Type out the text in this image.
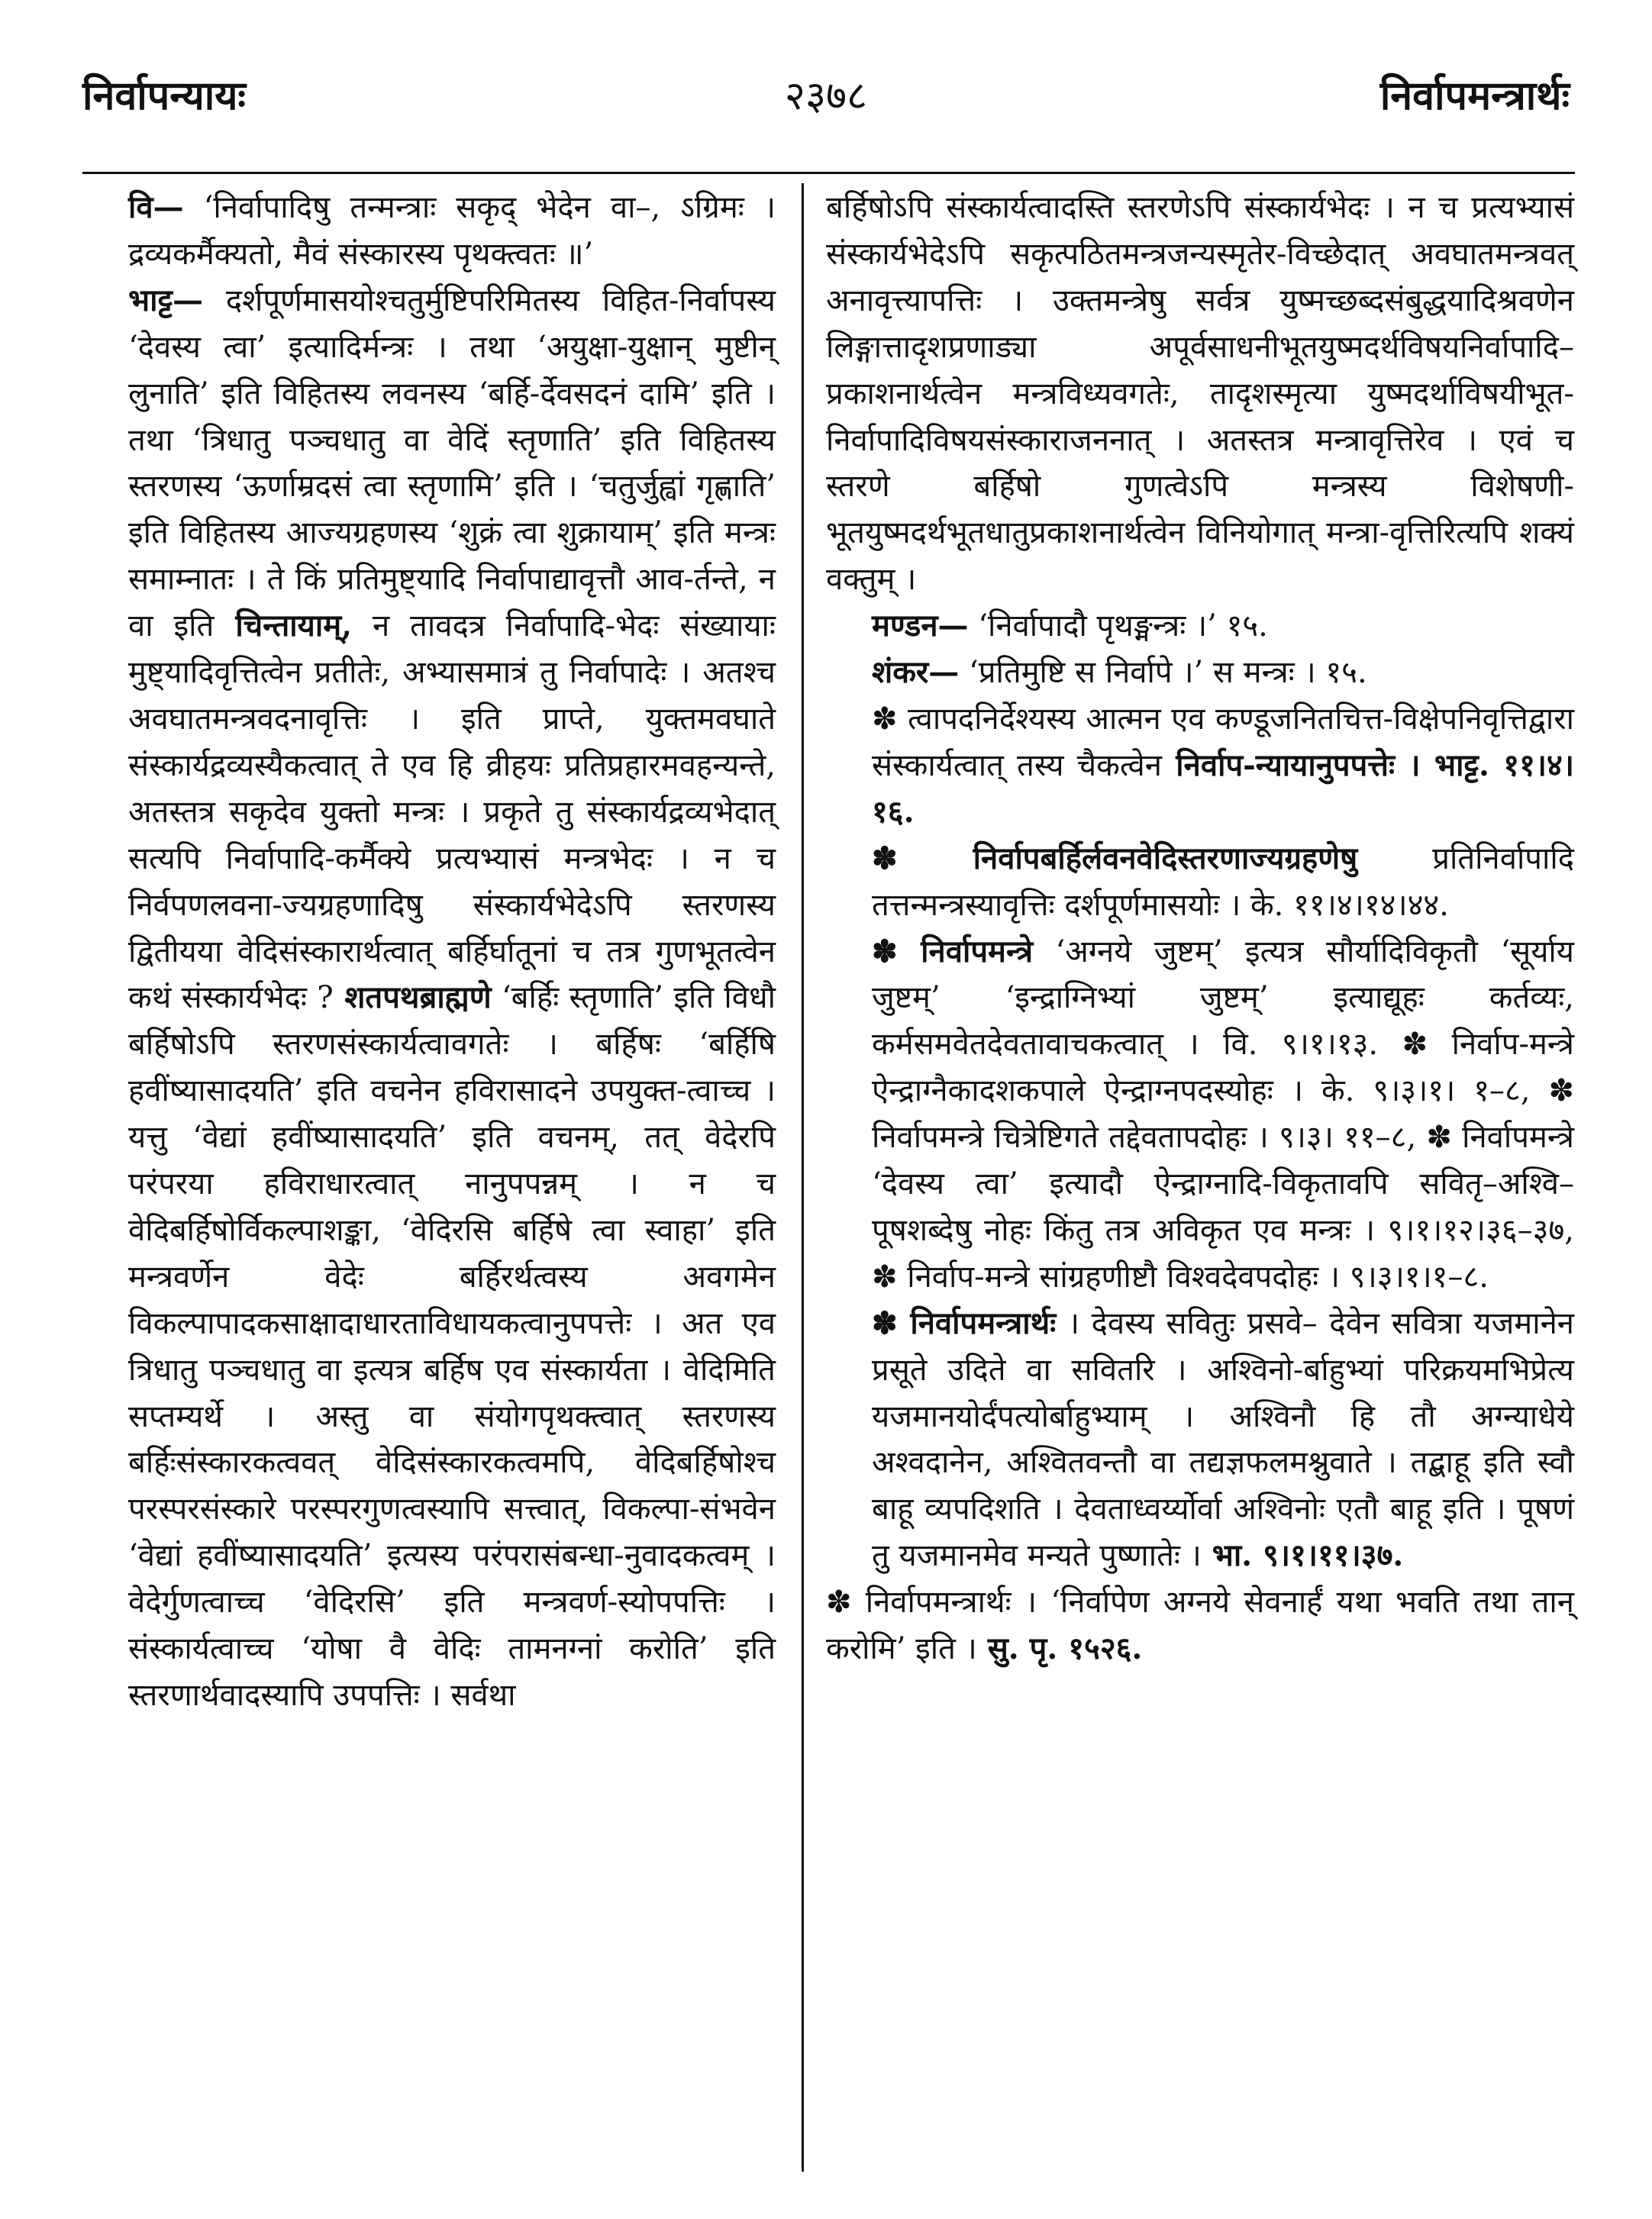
निर्वापन्यायः	२३७८	निर्वापमन्त्रार्थः

वि— ‘निर्वापादिषु तन्मन्त्राः सकृद् भेदेन वा–, ऽग्रिमः । द्रव्यकर्मैक्यतो, मैवं संस्कारस्य पृथक्त्वतः ॥’

भाट्ट— दर्शपूर्णमासयोश्चतुर्मुष्टिपरिमितस्य विहित-निर्वापस्य ‘देवस्य त्वा’ इत्यादिर्मन्त्रः । तथा ‘अयुक्षा-युक्षान् मुष्टीन् लुनाति’ इति विहितस्य लवनस्य ‘बर्हि-र्देवसदनं दामि’ इति । तथा ‘त्रिधातु पञ्चधातु वा वेदिं स्तृणाति’ इति विहितस्य स्तरणस्य ‘ऊर्णाम्रदसं त्वा स्तृणामि’ इति । ‘चतुर्जुह्वां गृह्णाति’ इति विहितस्य आज्यग्रहणस्य ‘शुक्रं त्वा शुक्रायाम्’ इति मन्त्रः समाम्नातः । ते किं प्रतिमुष्ट्यादि निर्वापाद्यावृत्तौ आव-र्तन्ते, न वा इति चिन्तायाम्, न तावदत्र निर्वापादि-भेदः संख्यायाः मुष्ट्यादिवृत्तित्वेन प्रतीतेः, अभ्यासमात्रं तु निर्वापादेः । अतश्च अवघातमन्त्रवदनावृत्तिः । इति प्राप्ते, युक्तमवघाते संस्कार्यद्रव्यस्यैकत्वात् ते एव हि व्रीहयः प्रतिप्रहारमवहन्यन्ते, अतस्तत्र सकृदेव युक्तो मन्त्रः । प्रकृते तु संस्कार्यद्रव्यभेदात् सत्यपि निर्वापादि-कर्मैक्ये प्रत्यभ्यासं मन्त्रभेदः । न च निर्वपणलवना-ज्यग्रहणादिषु संस्कार्यभेदेऽपि स्तरणस्य द्वितीयया वेदिसंस्कारार्थत्वात् बर्हिर्घातूनां च तत्र गुणभूतत्वेन कथं संस्कार्यभेदः ? शतपथब्राह्मणे ‘बर्हिः स्तृणाति’ इति विधौ बर्हिषोऽपि स्तरणसंस्कार्यत्वावगतेः । बर्हिषः ‘बर्हिषि हवींष्यासादयति’ इति वचनेन हविरासादने उपयुक्त-त्वाच्च । यत्तु ‘वेद्यां हवींष्यासादयति’ इति वचनम्, तत् वेदेरपि परंपरया हविराधारत्वात् नानुपपन्नम् । न च वेदिबर्हिषोर्विकल्पाशङ्का, ‘वेदिरसि बर्हिषे त्वा स्वाहा’ इति मन्त्रवर्णेन वेदेः बर्हिरर्थत्वस्य अवगमेन विकल्पापादकसाक्षादाधारताविधायकत्वानुपपत्तेः । अत एव त्रिधातु पञ्चधातु वा इत्यत्र बर्हिष एव संस्कार्यता । वेदिमिति सप्तम्यर्थे । अस्तु वा संयोगपृथक्त्वात् स्तरणस्य बर्हिःसंस्कारकत्ववत् वेदिसंस्कारकत्वमपि, वेदिबर्हिषोश्च परस्परसंस्कारे परस्परगुणत्वस्यापि सत्त्वात्, विकल्पा-संभवेन ‘वेद्यां हवींष्यासादयति’ इत्यस्य परंपरासंबन्धा-नुवादकत्वम् । वेदेर्गुणत्वाच्च ‘वेदिरसि’ इति मन्त्रवर्ण-स्योपपत्तिः । संस्कार्यत्वाच्च ‘योषा वै वेदिः तामनग्नां करोति’ इति स्तरणार्थवादस्यापि उपपत्तिः । सर्वथा

बर्हिषोऽपि संस्कार्यत्वादस्ति स्तरणेऽपि संस्कार्यभेदः । न च प्रत्यभ्यासं संस्कार्यभेदेऽपि सकृत्पठितमन्त्रजन्यस्मृतेर-विच्छेदात् अवघातमन्त्रवत् अनावृत्त्यापत्तिः । उक्तमन्त्रेषु सर्वत्र युष्मच्छब्दसंबुद्धयादिश्रवणेन लिङ्गात्तादृशप्रणाड्या अपूर्वसाधनीभूतयुष्मदर्थविषयनिर्वापादि–प्रकाशनार्थत्वेन मन्त्रविध्यवगतेः, तादृशस्मृत्या युष्मदर्थाविषयीभूत-निर्वापादिविषयसंस्काराजननात् । अतस्तत्र मन्त्रावृत्तिरेव । एवं च स्तरणे बर्हिषो गुणत्वेऽपि मन्त्रस्य विशेषणी-भूतयुष्मदर्थभूतधातुप्रकाशनार्थत्वेन विनियोगात् मन्त्रा-वृत्तिरित्यपि शक्यं वक्तुम् ।

मण्डन— ‘निर्वापादौ पृथङ्मन्त्रः ।’ १५.

शंकर— ‘प्रतिमुष्टि स निर्वापे ।’ स मन्त्रः । १५.

✽ त्वापदनिर्देश्यस्य आत्मन एव कण्डूजनितचित्त-विक्षेपनिवृत्तिद्वारा संस्कार्यत्वात् तस्य चैकत्वेन निर्वाप-न्यायानुपपत्तेः । भाट्ट. ११।४।१६.

✽ निर्वापबर्हिर्लवनवेदिस्तरणाज्यग्रहणेषु प्रतिनिर्वापादि तत्तन्मन्त्रस्यावृत्तिः दर्शपूर्णमासयोः । के. ११।४।१४।४४.

✽ निर्वापमन्त्रे ‘अग्नये जुष्टम्’ इत्यत्र सौर्यादिविकृतौ ‘सूर्याय जुष्टम्’ ‘इन्द्राग्निभ्यां जुष्टम्’ इत्याद्यूहः कर्तव्यः, कर्मसमवेतदेवतावाचकत्वात् । वि. ९।१।१३. ✽ निर्वाप-मन्त्रे ऐन्द्राग्नैकादशकपाले ऐन्द्राग्नपदस्योहः । के. ९।३।१। १–८, ✽ निर्वापमन्त्रे चित्रेष्टिगते तद्देवतापदोहः । ९।३। ११–८, ✽ निर्वापमन्त्रे ‘देवस्य त्वा’ इत्यादौ ऐन्द्राग्नादि-विकृतावपि सवितृ–अश्वि–पूषशब्देषु नोहः किंतु तत्र अविकृत एव मन्त्रः । ९।१।१२।३६–३७, ✽ निर्वाप-मन्त्रे सांग्रहणीष्टौ विश्वदेवपदोहः । ९।३।१।१–८.

✽ निर्वापमन्त्रार्थः । देवस्य सवितुः प्रसवे– देवेन सवित्रा यजमानेन प्रसूते उदिते वा सवितरि । अश्विनो-र्बाहुभ्यां परिक्रयमभिप्रेत्य यजमानयोर्दंपत्योर्बाहुभ्याम् । अश्विनौ हि तौ अग्न्याधेये अश्वदानेन, अश्वितवन्तौ वा तद्यज्ञफलमश्नुवाते । तद्बाहू इति स्वौ बाहू व्यपदिशति । देवताध्वर्य्योर्वा अश्विनोः एतौ बाहू इति । पूषणं तु यजमानमेव मन्यते पुष्णातेः । भा. ९।१।११।३७.

✽ निर्वापमन्त्रार्थः । ‘निर्वापेण अग्नये सेवनार्हं यथा भवति तथा तान् करोमि’ इति । सु. पृ. १५२६.
